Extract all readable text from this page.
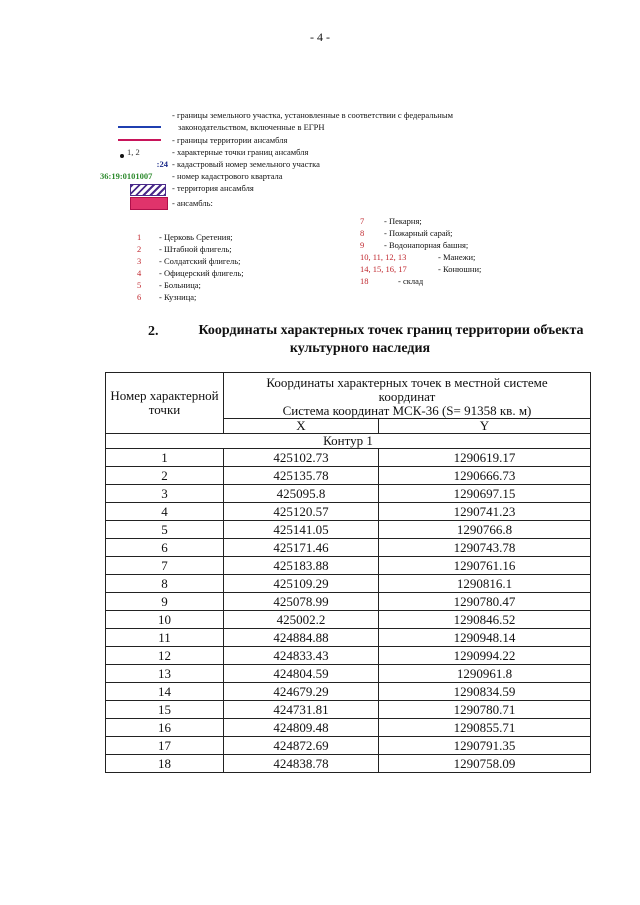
- 4 -
- границы земельного участка, установленные в соответствии с федеральным
законодательством, включенные в ЕГРН
- границы территории ансамбля
1, 2	- характерные точки границ ансамбля
:24 - кадастровый номер земельного участка
36:19:0101007 - номер кадастрового квартала
- территория ансамбля
- ансамбль:
1 - Церковь Сретения;
2 - Штабной флигель;
3 - Солдатский флигель;
4 - Офицерский флигель;
5 - Больница;
6 - Кузница;
7 - Пекарня;
8 - Пожарный сарай;
9 - Водонапорная башня;
10, 11, 12, 13	- Манежи;
14, 15, 16, 17	- Конюшни;
18	- склад
2.	Координаты характерных точек границ территории объекта
культурного наследия
Номер характерной точки	Координаты характерных точек в местной системе
координат
Система координат МСК-36 (S= 91358 кв. м)	

	X	Y
Контур 1		
1	425102.73	1290619.17
2	425135.78	1290666.73
3	425095.8	1290697.15
4	425120.57	1290741.23
5	425141.05	1290766.8
6	425171.46	1290743.78
7	425183.88	1290761.16
8	425109.29	1290816.1
9	425078.99	1290780.47
10	425002.2	1290846.52
11	424884.88	1290948.14
12	424833.43	1290994.22
13	424804.59	1290961.8
14	424679.29	1290834.59
15	424731.81	1290780.71
16	424809.48	1290855.71
17	424872.69	1290791.35
18	424838.78	1290758.09
